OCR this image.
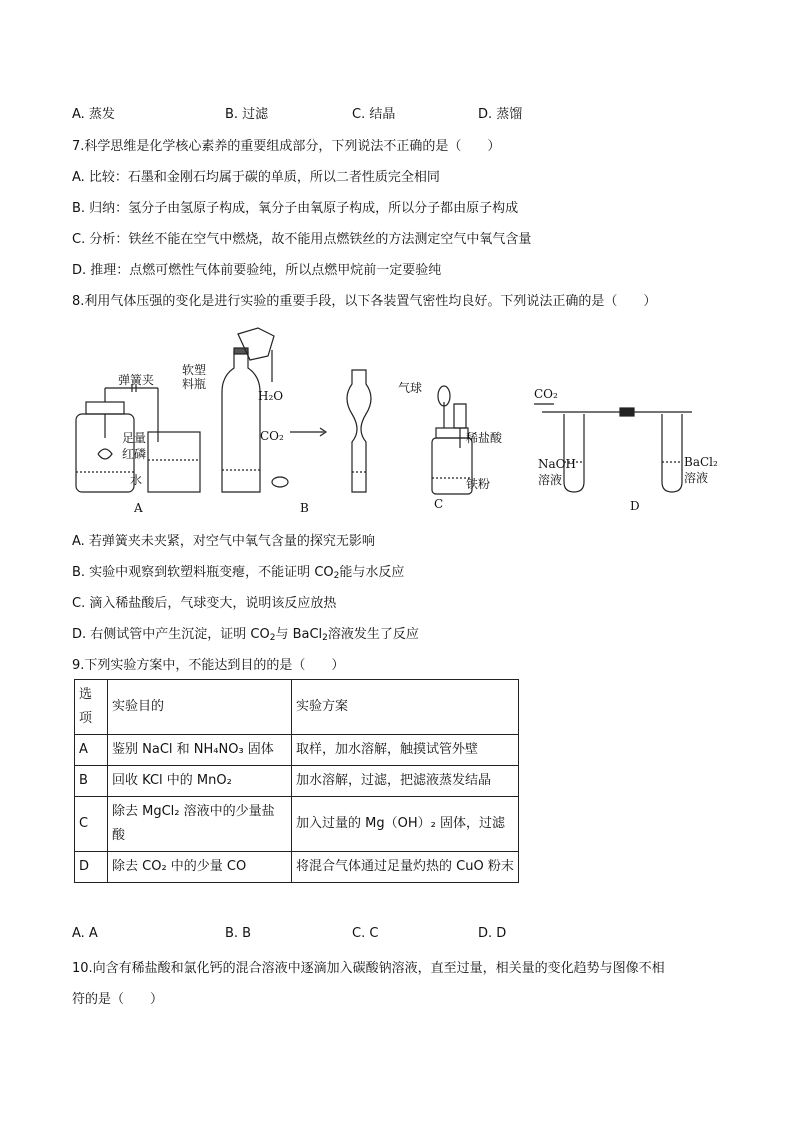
A. 蒸发	B. 过滤	C. 结晶	D. 蒸馏
7.科学思维是化学核心素养的重要组成部分，下列说法不正确的是（　　）
A. 比较：石墨和金刚石均属于碳的单质，所以二者性质完全相同
B. 归纳：氢分子由氢原子构成，氧分子由氧原子构成，所以分子都由原子构成
C. 分析：铁丝不能在空气中燃烧，故不能用点燃铁丝的方法测定空气中氧气含量
D. 推理：点燃可燃性气体前要验纯，所以点燃甲烷前一定要验纯
8.利用气体压强的变化是进行实验的重要手段，以下各装置气密性均良好。下列说法正确的是（　　）
弹簧夹
足量
红磷
水
软塑
料瓶
H₂O
CO₂
气球
稀盐酸
铁粉
CO₂
NaOH
溶液
BaCl₂
溶液
A	B	C	D
A. 若弹簧夹未夹紧，对空气中氧气含量的探究无影响
B. 实验中观察到软塑料瓶变瘪，不能证明 $CO_2$能与水反应
C. 滴入稀盐酸后，气球变大，说明该反应放热
D. 右侧试管中产生沉淀，证明 $CO_2$与 BaCl$_2$溶液发生了反应
9.下列实验方案中，不能达到目的的是（　　）
选项	实验目的	实验方案
A	鉴别 NaCl 和 NH₄NO₃ 固体	取样，加水溶解，触摸试管外壁
B	回收 KCl 中的 MnO₂	加水溶解，过滤，把滤液蒸发结晶
C	除去 MgCl₂ 溶液中的少量盐酸	加入过量的 Mg（OH）₂ 固体，过滤
D	除去 CO₂ 中的少量 CO	将混合气体通过足量灼热的 CuO 粉末
A. A	B. B	C. C	D. D
10.向含有稀盐酸和氯化钙的混合溶液中逐滴加入碳酸钠溶液，直至过量，相关量的变化趋势与图像不相
符的是（　　）
